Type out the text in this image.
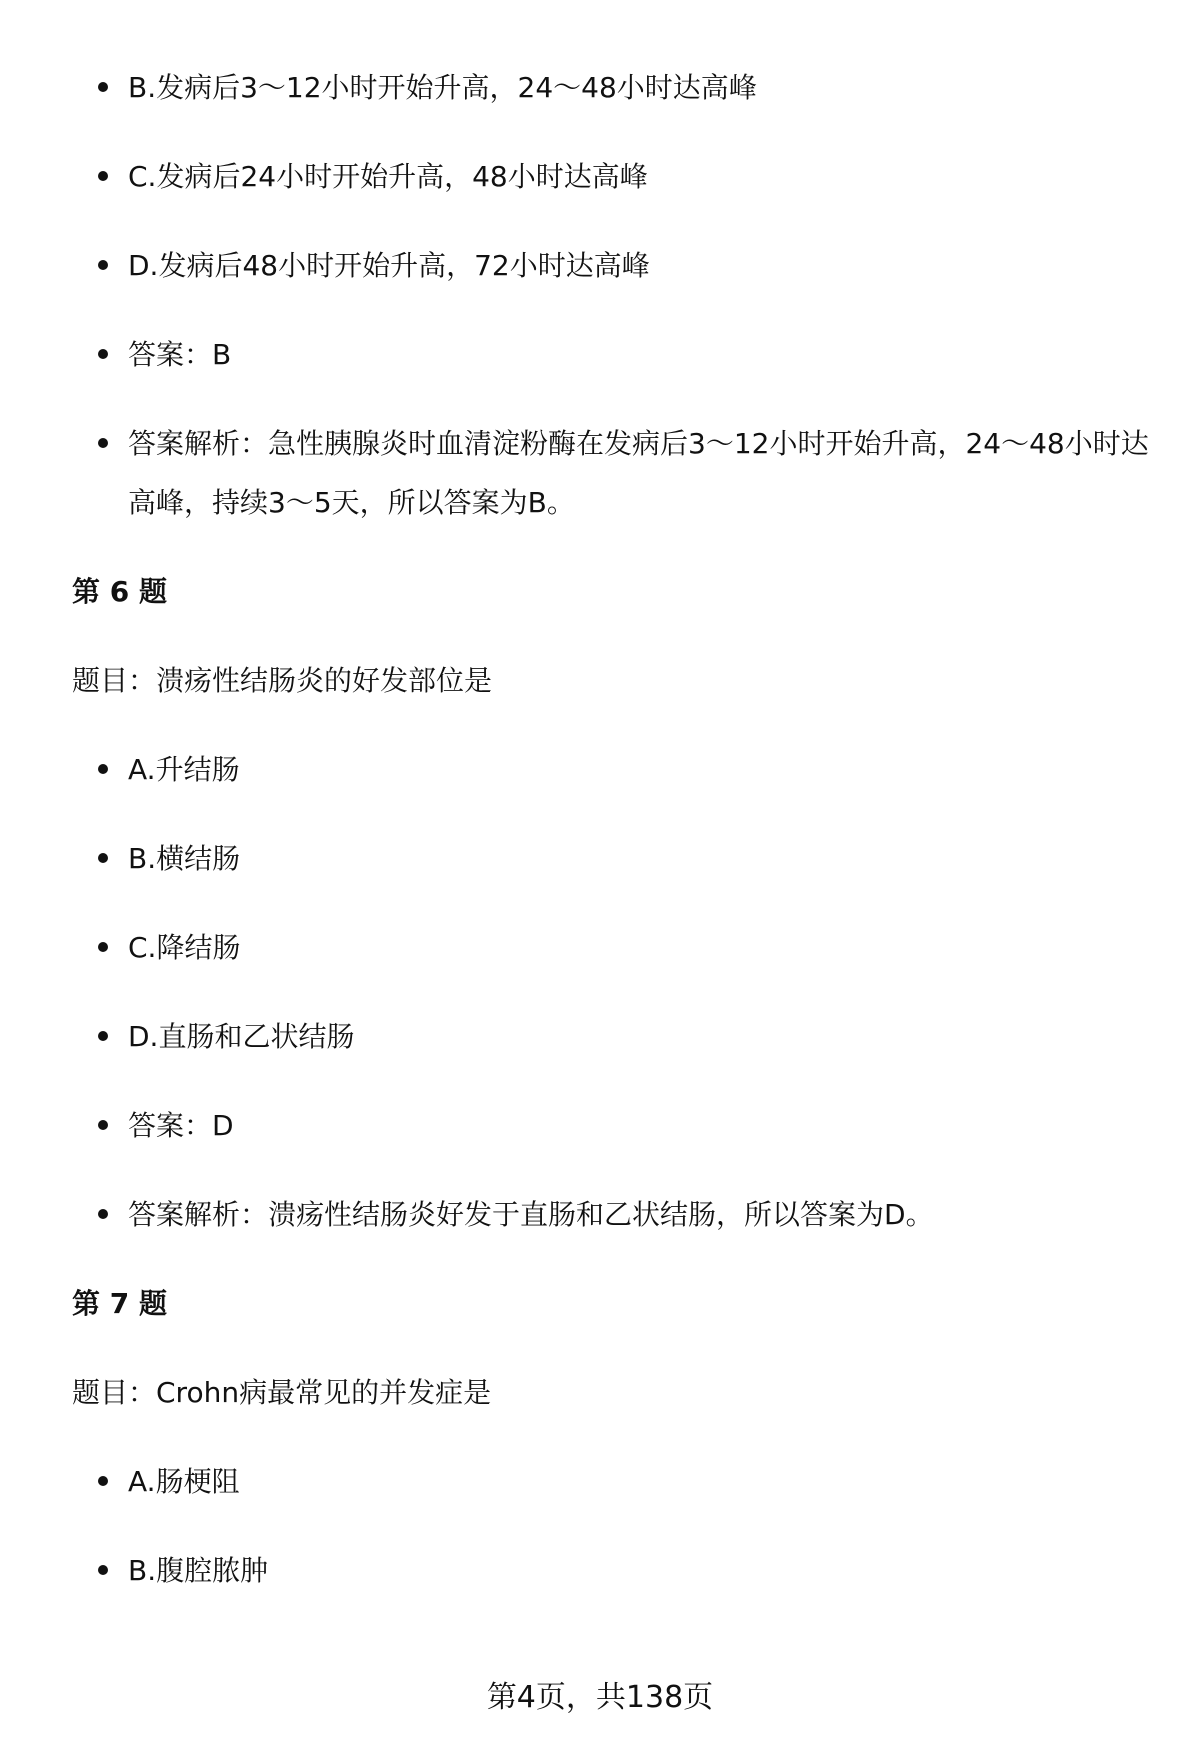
B.发病后3～12小时开始升高，24～48小时达高峰
C.发病后24小时开始升高，48小时达高峰
D.发病后48小时开始升高，72小时达高峰
答案：B
答案解析：急性胰腺炎时血清淀粉酶在发病后3～12小时开始升高，24～48小时达高峰，持续3～5天，所以答案为B。
第 6 题
题目：溃疡性结肠炎的好发部位是
A.升结肠
B.横结肠
C.降结肠
D.直肠和乙状结肠
答案：D
答案解析：溃疡性结肠炎好发于直肠和乙状结肠，所以答案为D。
第 7 题
题目：Crohn病最常见的并发症是
A.肠梗阻
B.腹腔脓肿
第4页，共138页
